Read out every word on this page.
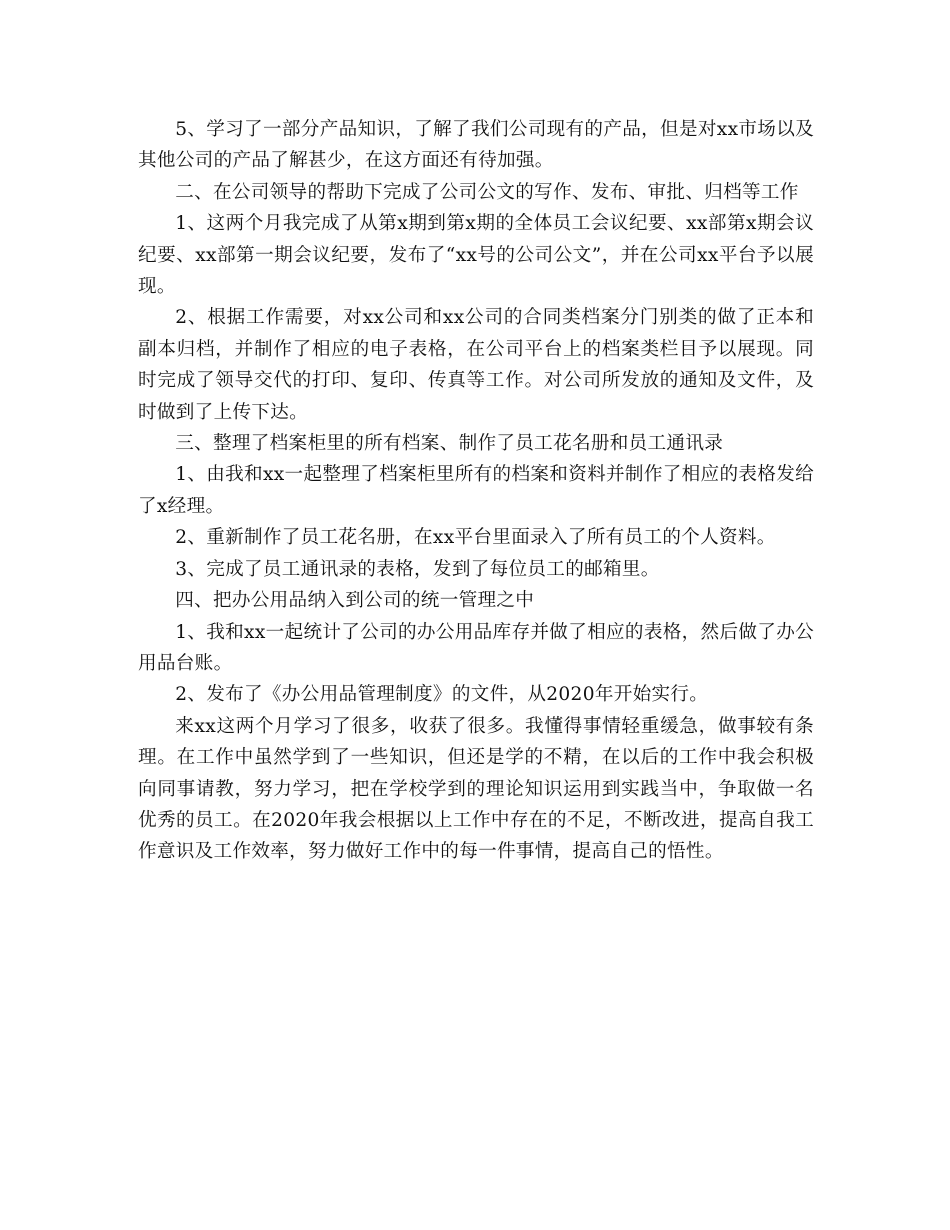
5、学习了一部分产品知识，了解了我们公司现有的产品，但是对xx市场以及其他公司的产品了解甚少，在这方面还有待加强。

二、在公司领导的帮助下完成了公司公文的写作、发布、审批、归档等工作

1、这两个月我完成了从第x期到第x期的全体员工会议纪要、xx部第x期会议纪要、xx部第一期会议纪要，发布了“xx号的公司公文”，并在公司xx平台予以展现。

2、根据工作需要，对xx公司和xx公司的合同类档案分门别类的做了正本和副本归档，并制作了相应的电子表格，在公司平台上的档案类栏目予以展现。同时完成了领导交代的打印、复印、传真等工作。对公司所发放的通知及文件，及时做到了上传下达。

三、整理了档案柜里的所有档案、制作了员工花名册和员工通讯录

1、由我和xx一起整理了档案柜里所有的档案和资料并制作了相应的表格发给了x经理。

2、重新制作了员工花名册，在xx平台里面录入了所有员工的个人资料。

3、完成了员工通讯录的表格，发到了每位员工的邮箱里。

四、把办公用品纳入到公司的统一管理之中

1、我和xx一起统计了公司的办公用品库存并做了相应的表格，然后做了办公用品台账。

2、发布了《办公用品管理制度》的文件，从2020年开始实行。

来xx这两个月学习了很多，收获了很多。我懂得事情轻重缓急，做事较有条理。在工作中虽然学到了一些知识，但还是学的不精，在以后的工作中我会积极向同事请教，努力学习，把在学校学到的理论知识运用到实践当中，争取做一名优秀的员工。在2020年我会根据以上工作中存在的不足，不断改进，提高自我工作意识及工作效率，努力做好工作中的每一件事情，提高自己的悟性。
